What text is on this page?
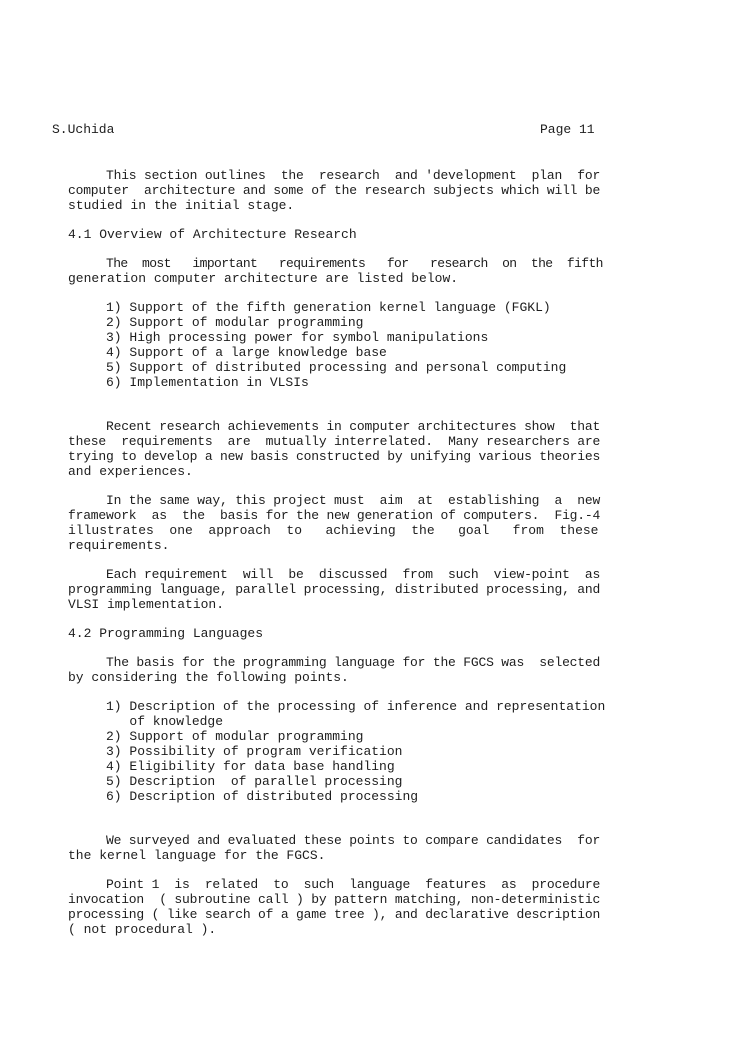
S.Uchida	Page 11
This section outlines  the  research  and 'development  plan  for
computer  architecture and some of the research subjects which will be
studied in the initial stage.
4.1 Overview of Architecture Research
The  most   important   requirements   for   research  on  the  fifth
generation computer architecture are listed below.
1) Support of the fifth generation kernel language (FGKL)
2) Support of modular programming
3) High processing power for symbol manipulations
4) Support of a large knowledge base
5) Support of distributed processing and personal computing
6) Implementation in VLSIs
Recent research achievements in computer architectures show  that
these  requirements  are  mutually interrelated.  Many researchers are
trying to develop a new basis constructed by unifying various theories
and experiences.
In the same way, this project must  aim  at  establishing  a  new
framework  as  the  basis for the new generation of computers.  Fig.-4
illustrates  one  approach  to   achieving  the   goal   from  these
requirements.
Each requirement  will  be  discussed  from  such  view-point  as
programming language, parallel processing, distributed processing, and
VLSI implementation.
4.2 Programming Languages
The basis for the programming language for the FGCS was  selected
by considering the following points.
1) Description of the processing of inference and representation
of knowledge
2) Support of modular programming
3) Possibility of program verification
4) Eligibility for data base handling
5) Description  of parallel processing
6) Description of distributed processing
We surveyed and evaluated these points to compare candidates  for
the kernel language for the FGCS.
Point 1  is  related  to  such  language  features  as  procedure
invocation  ( subroutine call ) by pattern matching, non-deterministic
processing ( like search of a game tree ), and declarative description
( not procedural ).
